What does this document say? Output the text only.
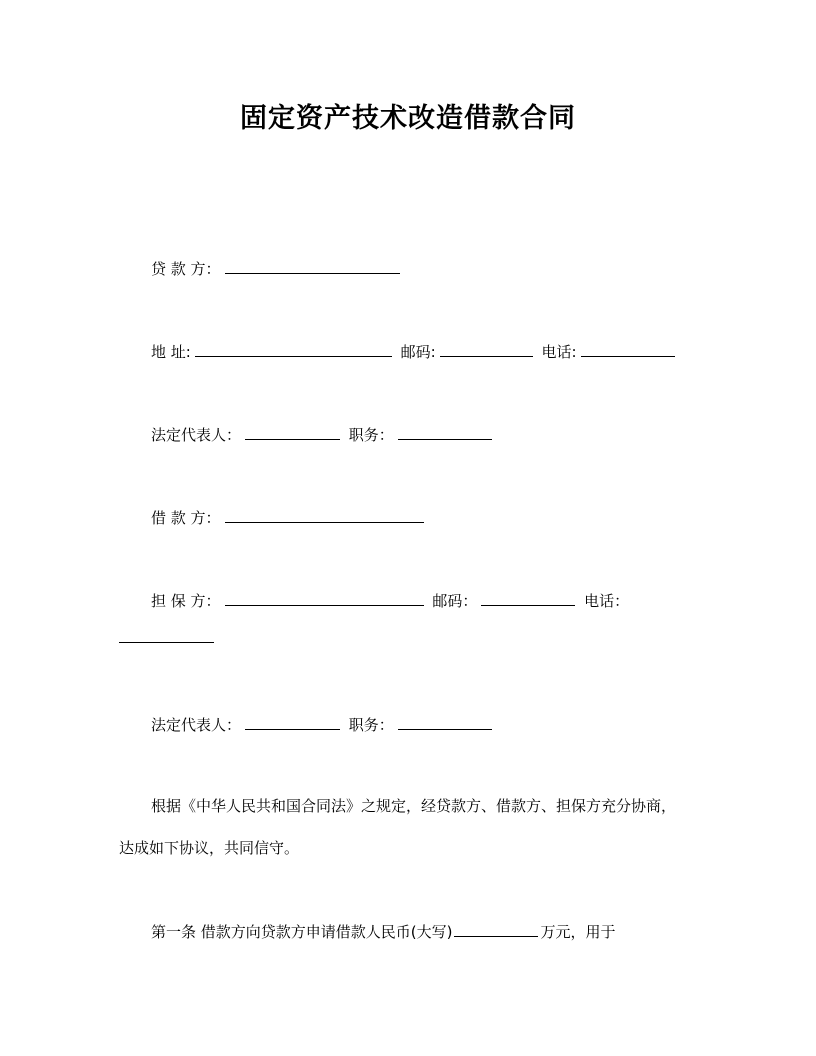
固定资产技术改造借款合同
贷 款 方：
地 址:	邮码:	电话:
法定代表人：	职务：
借 款 方：
担 保 方：	邮码：	电话：
法定代表人：	职务：
根据《中华人民共和国合同法》之规定，经贷款方、借款方、担保方充分协商，
达成如下协议，共同信守。
第一条 借款方向贷款方申请借款人民币(大写)	万元，用于
